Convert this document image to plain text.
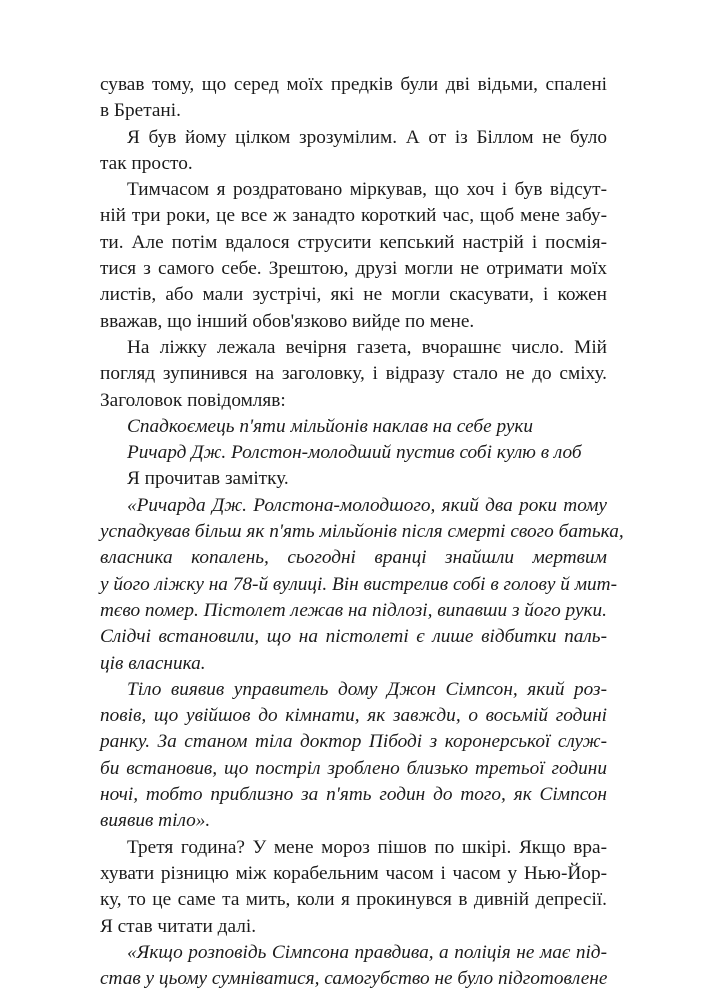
сував тому, що серед моїх предків були дві відьми, спалені
в Бретані.
Я був йому цілком зрозумілим. А от із Біллом не було
так просто.
Тимчасом я роздратовано міркував, що хоч і був відсут-
ній три роки, це все ж занадто короткий час, щоб мене забу-
ти. Але потім вдалося струсити кепський настрій і посмія-
тися з самого себе. Зрештою, друзі могли не отримати моїх
листів, або мали зустрічі, які не могли скасувати, і кожен
вважав, що інший обов'язково вийде по мене.
На ліжку лежала вечірня газета, вчорашнє число. Мій
погляд зупинився на заголовку, і відразу стало не до сміху.
Заголовок повідомляв:
Спадкоємець п'яти мільйонів наклав на себе руки
Ричард Дж. Ролстон-молодший пустив собі кулю в лоб
Я прочитав замітку.
«Ричарда Дж. Ролстона-молодшого, який два роки тому
успадкував більш як п'ять мільйонів після смерті свого батька,
власника копалень, сьогодні вранці знайшли мертвим
у його ліжку на 78-й вулиці. Він вистрелив собі в голову й мит-
тєво помер. Пістолет лежав на підлозі, випавши з його руки.
Слідчі встановили, що на пістолеті є лише відбитки паль-
ців власника.
Тіло виявив управитель дому Джон Сімпсон, який роз-
повів, що увійшов до кімнати, як завжди, о восьмій годині
ранку. За станом тіла доктор Пібоді з коронерської служ-
би встановив, що постріл зроблено близько третьої години
ночі, тобто приблизно за п'ять годин до того, як Сімпсон
виявив тіло».
Третя година? У мене мороз пішов по шкірі. Якщо вра-
хувати різницю між корабельним часом і часом у Нью-Йор-
ку, то це саме та мить, коли я прокинувся в дивній депресії.
Я став читати далі.
«Якщо розповідь Сімпсона правдива, а поліція не має під-
став у цьому сумніватися, самогубство не було підготовлене
